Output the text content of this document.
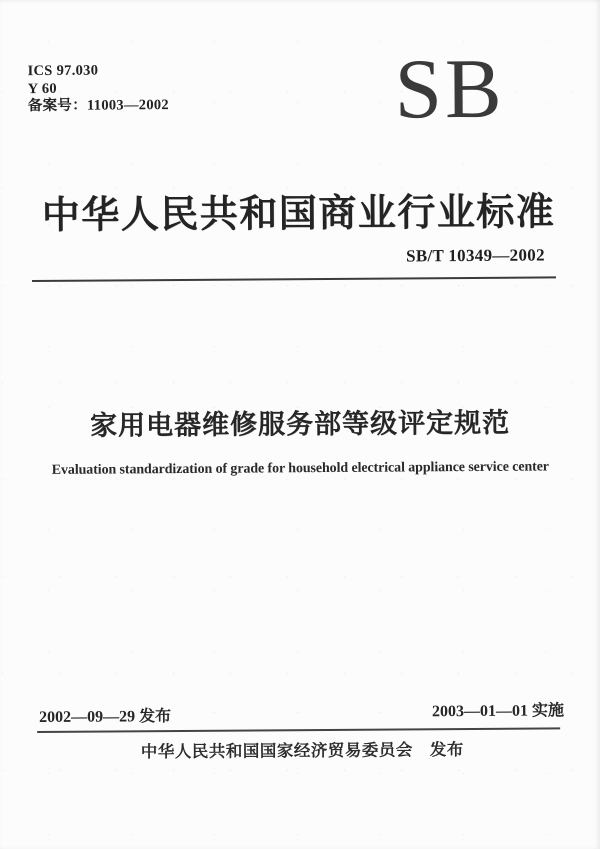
ICS 97.030
Y 60
备案号：11003—2002	SB
中华人民共和国商业行业标准
SB/T 10349—2002
家用电器维修服务部等级评定规范
Evaluation standardization of grade for household electrical appliance service center
2002—09—29 发布	2003—01—01 实施
中华人民共和国国家经济贸易委员会　发布
